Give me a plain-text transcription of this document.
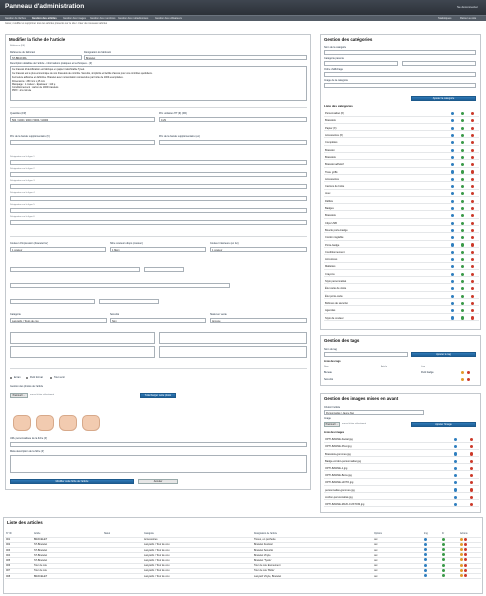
Panneau d'administration	Se déconnecter
Gestion de tâches Gestion des articles Gestion des images Gestion des membres Gestion des métadonnées	Gestion des utilisateurs	Statistiques	Retour au site
Gérer, modifier et supprimer tous les articles présents sur le site / créer de nouveaux articles
Modifier la fiche de l'article
Référence (FR)
Référence du fabricant
ST-BRACMA
Désignation du fabricant
Bracelet
Description détaillée de l'article - informations pratiques et techniques - (fr)
Ce bracelet d'identification est fabriqué en papier indéchirable Tyvek.
Ce bracelet est le plus économique de nos bracelets de contrôle. Sécurité, simplicité et facilité d'accès pour vos contrôles quotidiens.
Fermeture adhésive et définitive. Bracelet avec numérotation consécutive par boîte de 1000 exemplaires.
Dimensions : 250 mm x 25 mm
Marquage : 1 couleur - Épaisseur : 110 µ
Conditionnement : carton de 1000 bracelets
PRIX : à la minute
Quantités (FR)
500 / 1000 / 2000 / 5000 / 10000
Prix unitaires HT (€) (FR)
0,29
Prix de la bande supplémentaire (fr)	Prix de la bande supplémentaire (en)
Désignation sur la ligne 1
Désignation sur la ligne 2
Désignation sur la ligne 3
Désignation sur la ligne 4
Désignation sur la ligne 5
Désignation sur la ligne 6
Couleur d'impression (bracelet fer)
1 couleur
Nbre couleurs dispo (couleur)
1 Mém
Couleur intérieure (en fer)
1 couleur
Catégorie
Lanyards / Tours de cou
Sécurité
Non
Statut en vente
Ancune
Écran	Petit format	Tout venir
Gestion des photos de l'article
Parcourir…	aucun fichier sélectionné	Télécharger cette photo
URL personnalisée de la fiche (fr)
Méta description de la fiche (fr)
Modifier cette fiche de l'article	Annuler
Gestion des catégories
Nom de la catégorie
Catégorie parente
Ordre d'affichage
Image de la catégorie
Ajouter la catégorie
Liste des catégories
Personnalisé (fr)
Bracelets
Papier (fr)
Accessoires (fr)
Complètes
Bracelet
Bracelets
Bracelet adhésif
Tissu griffé
Accessoires
Cartons de boîte
Jeux
Défilés
Badges
Bracelets
Clips USB
Boucle porte-badge
Cordon réglable
Porte-badge
Conditionnement
Anti-stress
Mallettes
Crayons
Stylo personnalisé
Étui carte de visite
Étui porte-carte
Bobines de sécurité
Agendas
Stylo de couleur
Gestion des tags
Nom du tag
Ajouter le tag
Liste des tags
Nom	Article	Lien
Bureau	Petit badge
Sécurité
Gestion des images mises en avant
Choisir l'article
Personnalisé / Jaune fluo
Image
Parcourir…	aucun fichier sélectionné	Ajouter l'image
Liste des images
OPTI-BANNE-Facial.jpg
OPTI-BANNE-Pixel.jpg
Bracelets-gommes.jpg
Badge-cordon-personnalisé.jpg
OPTI-BANNE-1.jpg
OPTI-BANNE-Bons.jpg
OPTI-BANNE-HOTO.jpg
personnalisé-gommes.jpg
cordon-personnalisé.jpg
OPTI-BANNE-MAXI-CUSTOM.jpg
Liste des articles
N° ID	Article	Statut	Catégorie	Désignation de l'article	Options	Img	Fr	Actions
001	BRACELET		Accessoires	Tissus, en pochette	oui			
002	ST-Bracelet		Lanyards / Tour de cou	Bracelet Festival	oui			
003	ST-Bracelet		Lanyards / Tour de cou	Bracelet Sécurité	oui			
004	ST-Bracelet		Lanyards / Tour de cou	Bracelet Vinyle	oui			
005	ST-Bracelet		Lanyards / Tour de cou	Bracelet 'Tyvek'	oui			
006	Tour de cou		Lanyards / Tour de cou	Tour de cou Événement	oui			
007	Tour de cou		Lanyards / Tour de cou	Tour de cou 'Boîte'	oui			
008	BRACELET		Lanyards / Tour de cou	Lanyard Vinyle, Bracelet	oui			
